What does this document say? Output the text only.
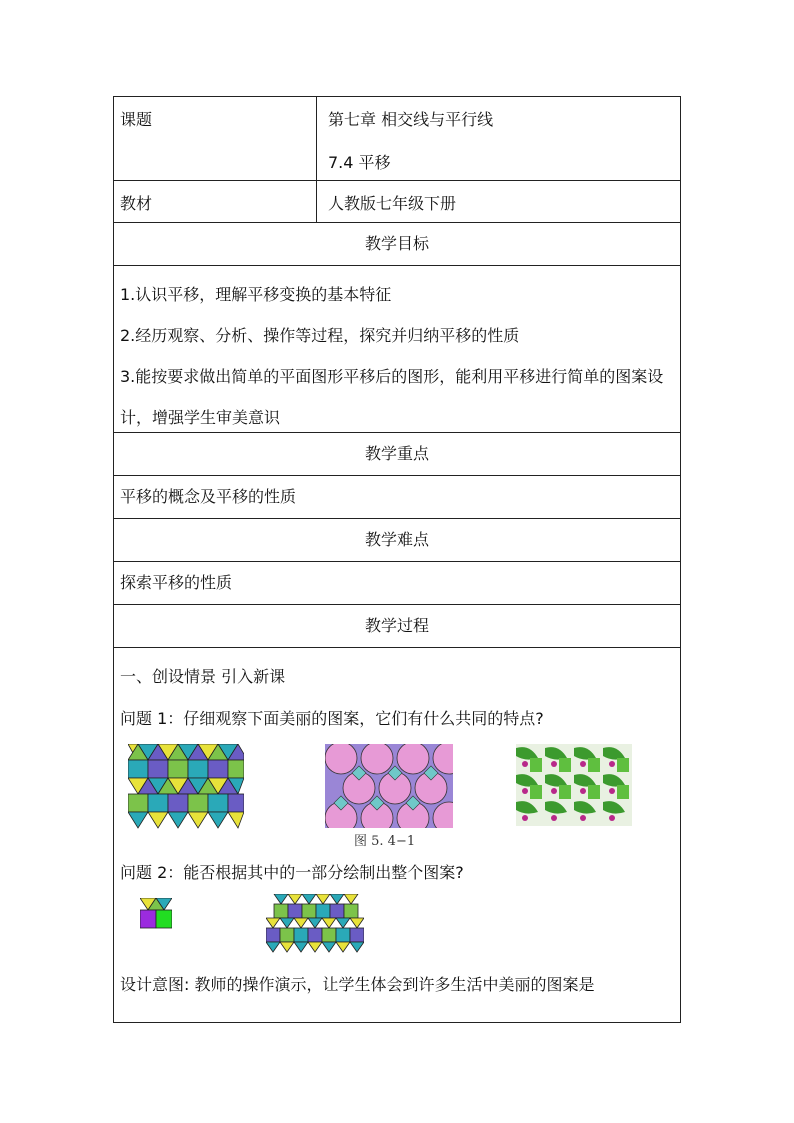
课题	第七章 相交线与平行线
7.4 平移
教材	人教版七年级下册
教学目标
1.认识平移，理解平移变换的基本特征
2.经历观察、分析、操作等过程，探究并归纳平移的性质
3.能按要求做出简单的平面图形平移后的图形，能利用平移进行简单的图案设计，增强学生审美意识
教学重点
平移的概念及平移的性质
教学难点
探索平移的性质
教学过程
一、创设情景 引入新课
问题 1：仔细观察下面美丽的图案，它们有什么共同的特点?
图 5. 4−1
问题 2：能否根据其中的一部分绘制出整个图案?
设计意图: 教师的操作演示，让学生体会到许多生活中美丽的图案是
